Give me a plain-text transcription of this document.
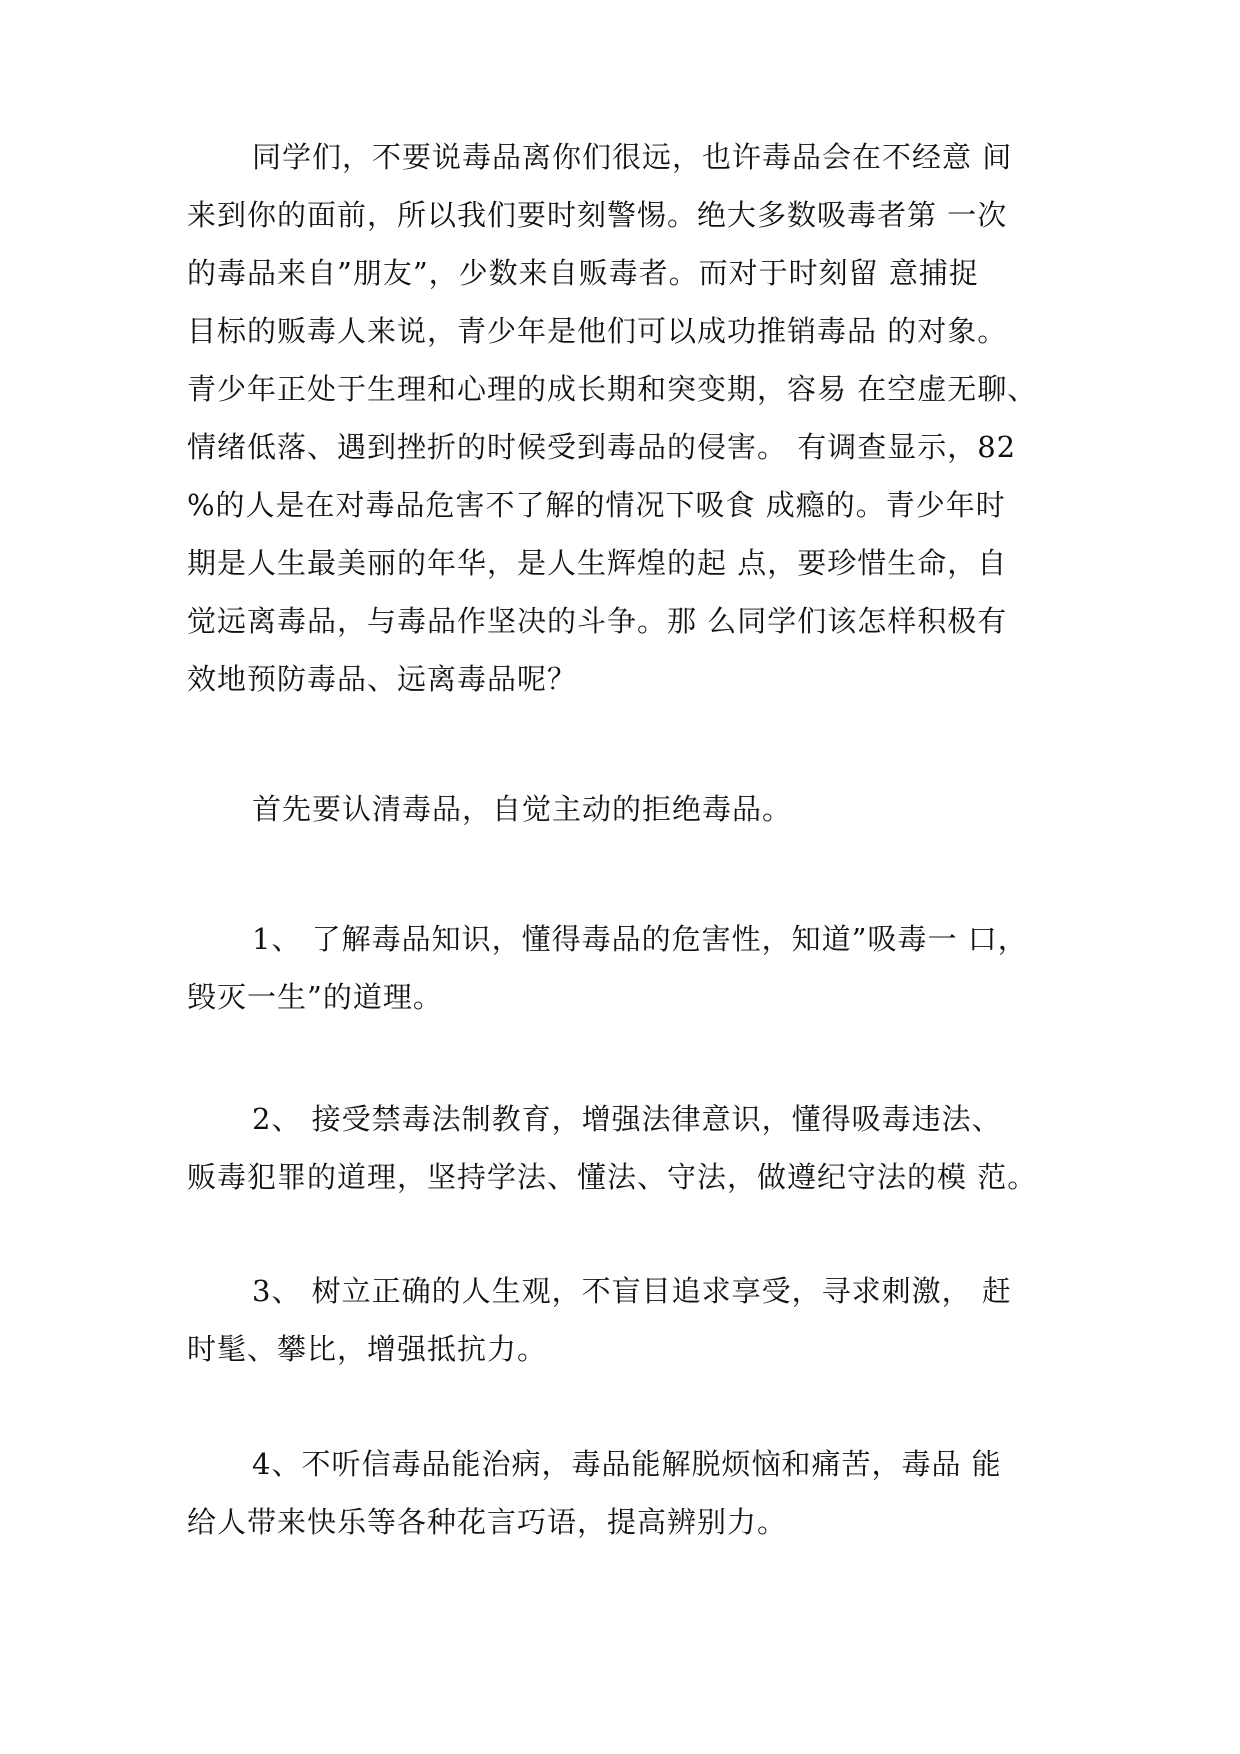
同学们，不要说毒品离你们很远，也许毒品会在不经意 间
来到你的面前，所以我们要时刻警惕。绝大多数吸毒者第 一次
的毒品来自”朋友”，少数来自贩毒者。而对于时刻留 意捕捉
目标的贩毒人来说，青少年是他们可以成功推销毒品 的对象。
青少年正处于生理和心理的成长期和突变期，容易 在空虚无聊、
情绪低落、遇到挫折的时候受到毒品的侵害。 有调查显示，82
%的人是在对毒品危害不了解的情况下吸食 成瘾的。青少年时
期是人生最美丽的年华，是人生辉煌的起 点，要珍惜生命，自
觉远离毒品，与毒品作坚决的斗争。那 么同学们该怎样积极有
效地预防毒品、远离毒品呢？
首先要认清毒品，自觉主动的拒绝毒品。
1、 了解毒品知识，懂得毒品的危害性，知道”吸毒一 口，
毁灭一生”的道理。
2、 接受禁毒法制教育，增强法律意识，懂得吸毒违法、
贩毒犯罪的道理，坚持学法、懂法、守法，做遵纪守法的模 范。
3、 树立正确的人生观，不盲目追求享受，寻求刺激， 赶
时髦、攀比，增强抵抗力。
4、不听信毒品能治病，毒品能解脱烦恼和痛苦，毒品 能
给人带来快乐等各种花言巧语，提高辨别力。
